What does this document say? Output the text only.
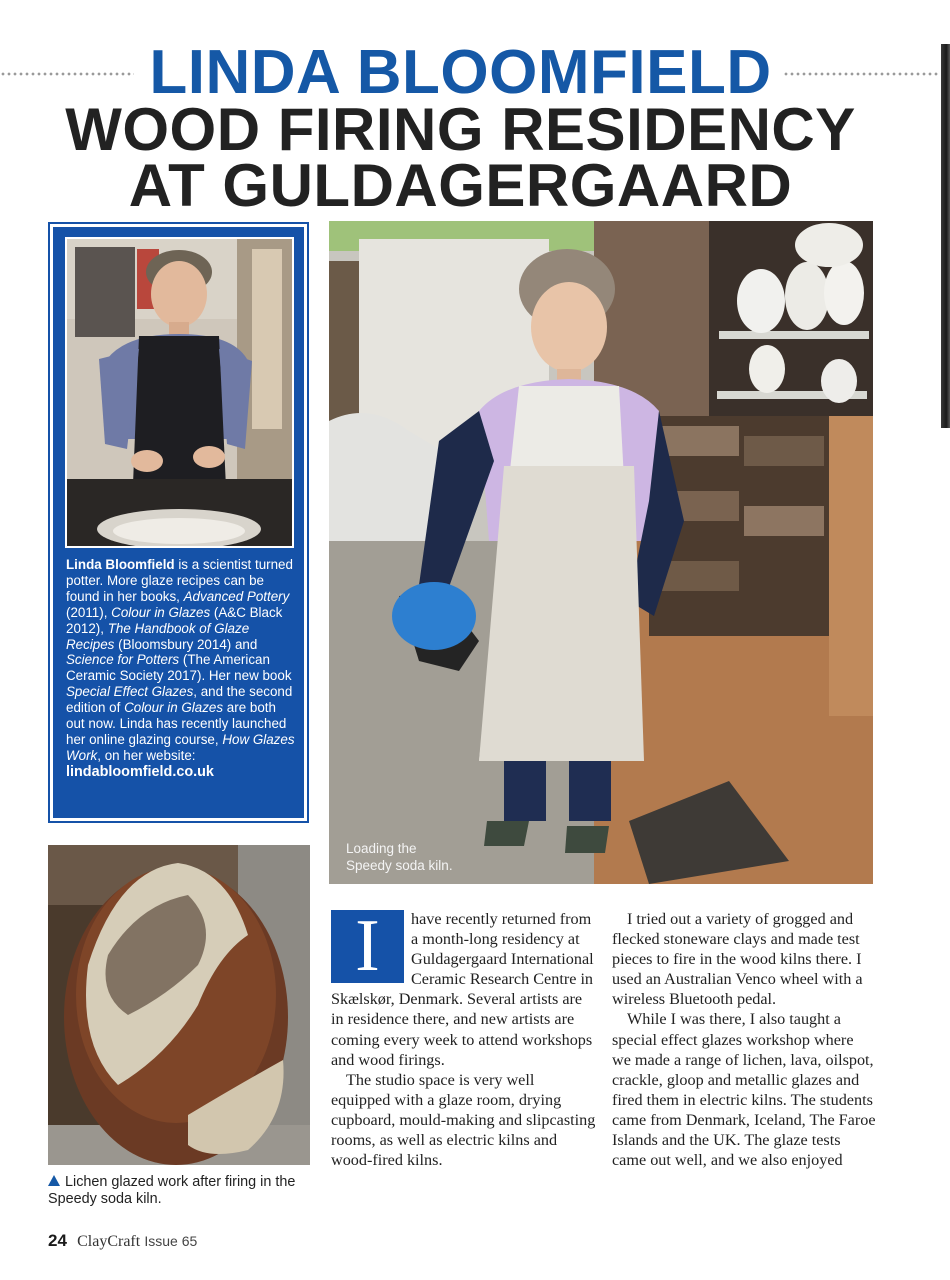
LINDA BLOOMFIELD
WOOD FIRING RESIDENCY
AT GULDAGERGAARD

Linda Bloomfield is a scientist turned potter. More glaze recipes can be found in her books, Advanced Pottery (2011), Colour in Glazes (A&C Black 2012), The Handbook of Glaze Recipes (Bloomsbury 2014) and Science for Potters (The American Ceramic Society 2017). Her new book Special Effect Glazes, and the second edition of Colour in Glazes are both out now. Linda has recently launched her online glazing course, How Glazes Work, on her website:
lindabloomfield.co.uk

Loading the
Speedy soda kiln.
Lichen glazed work after firing in the Speedy soda kiln.
I	have recently returned from a month-long residency at Guldagergaard International Ceramic Research Centre in Skælskør, Denmark. Several artists are in residence there, and new artists are coming every week to attend workshops and wood firings.
The studio space is very well equipped with a glaze room, drying cupboard, mould-making and slipcasting rooms, as well as electric kilns and wood-fired kilns.
I tried out a variety of grogged and flecked stoneware clays and made test pieces to fire in the wood kilns there. I used an Australian Venco wheel with a wireless Bluetooth pedal.
While I was there, I also taught a special effect glazes workshop where we made a range of lichen, lava, oilspot, crackle, gloop and metallic glazes and fired them in electric kilns. The students came from Denmark, Iceland, The Faroe Islands and the UK. The glaze tests came out well, and we also enjoyed
24 ClayCraft Issue 65
